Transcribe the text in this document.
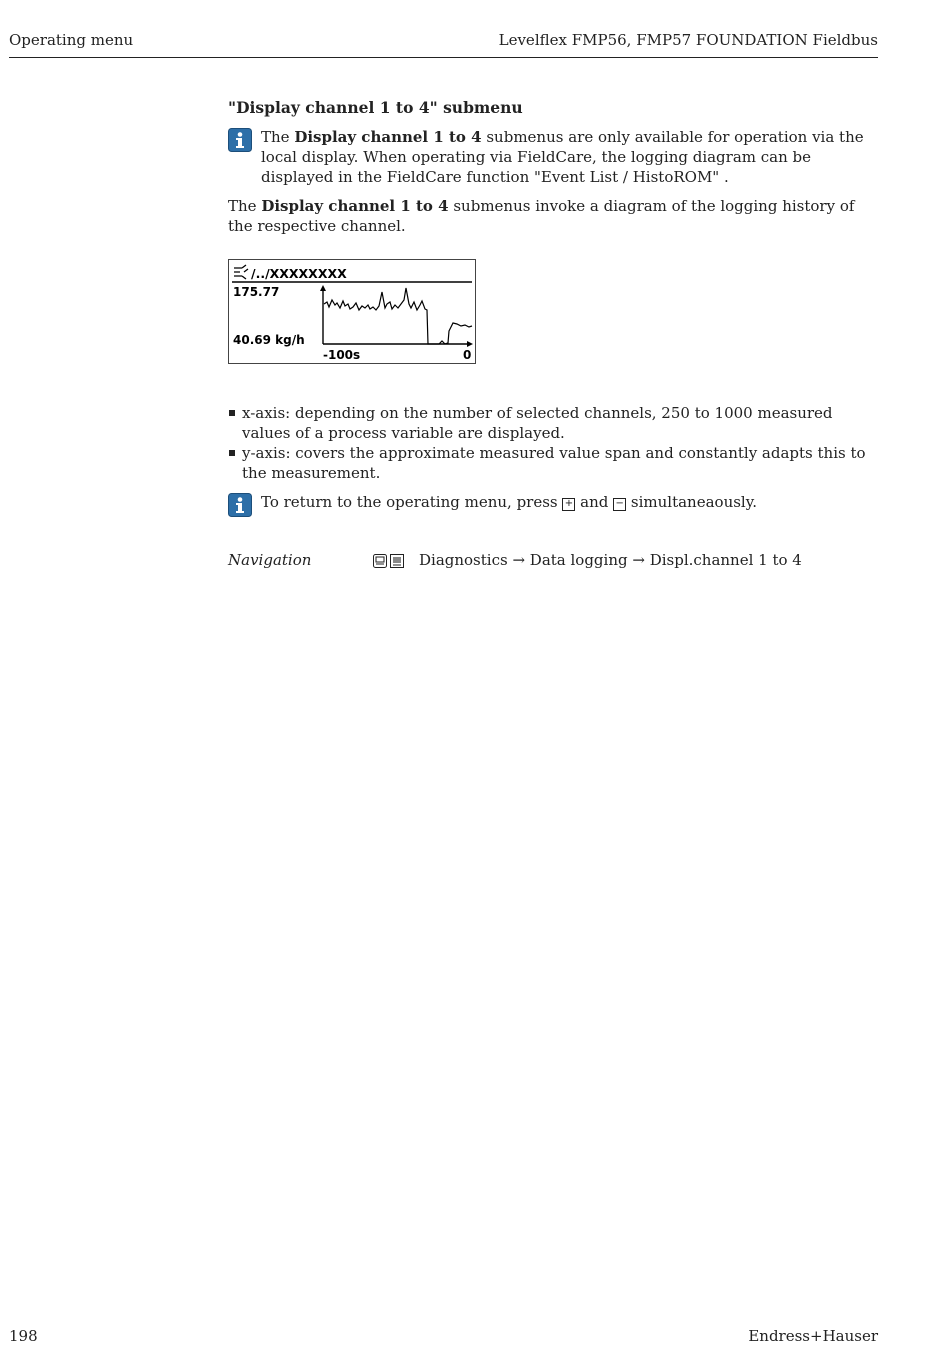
Operating menu	Levelflex FMP56, FMP57 FOUNDATION Fieldbus
"Display channel 1 to 4" submenu
The Display channel 1 to 4 submenus are only available for operation via the local display. When operating via FieldCare, the logging diagram can be displayed in the FieldCare function "Event List / HistoROM" .
The Display channel 1 to 4 submenus invoke a diagram of the logging history of the respective channel.
/../XXXXXXXX
175.77
40.69 kg/h
-100s	0
x-axis: depending on the number of selected channels, 250 to 1000 measured values of a process variable are displayed.
y-axis: covers the approximate measured value span and constantly adapts this to the measurement.
To return to the operating menu, press + and − simultaneaously.
Navigation	Diagnostics → Data logging → Displ.channel 1 to 4
198	Endress+Hauser
